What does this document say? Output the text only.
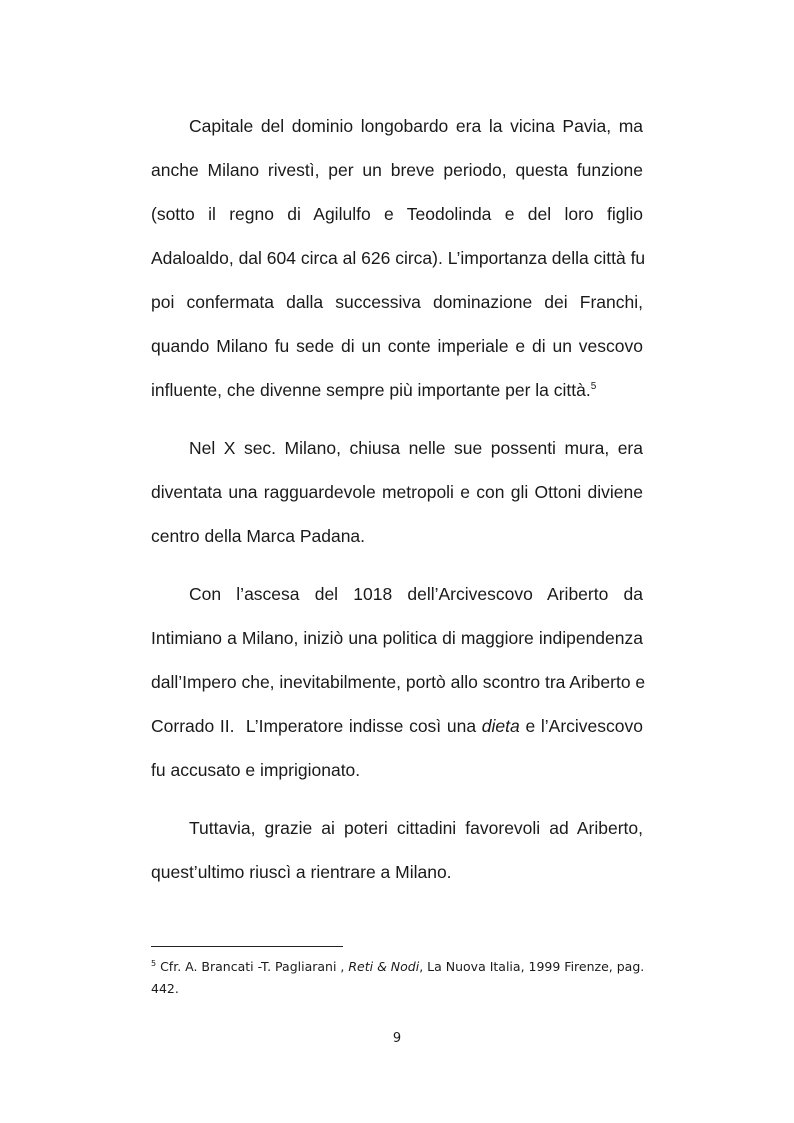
Capitale del dominio longobardo era la vicina Pavia, ma
anche Milano rivestì, per un breve periodo, questa funzione
(sotto il regno di Agilulfo e Teodolinda e del loro figlio
Adaloaldo, dal 604 circa al 626 circa). L’importanza della città fu
poi confermata dalla successiva dominazione dei Franchi,
quando Milano fu sede di un conte imperiale e di un vescovo
influente, che divenne sempre più importante per la città.$^5$
Nel X sec. Milano, chiusa nelle sue possenti mura, era
diventata una ragguardevole metropoli e con gli Ottoni diviene
centro della Marca Padana.
Con l’ascesa del 1018 dell’Arcivescovo Ariberto da
Intimiano a Milano, iniziò una politica di maggiore indipendenza
dall’Impero che, inevitabilmente, portò allo scontro tra Ariberto e
Corrado II.  L’Imperatore indisse così una dieta e l’Arcivescovo
fu accusato e imprigionato.
Tuttavia, grazie ai poteri cittadini favorevoli ad Ariberto,
quest’ultimo riuscì a rientrare a Milano.
$^5$ Cfr. A. Brancati -T. Pagliarani , Reti & Nodi, La Nuova Italia, 1999 Firenze, pag.
442.
9
